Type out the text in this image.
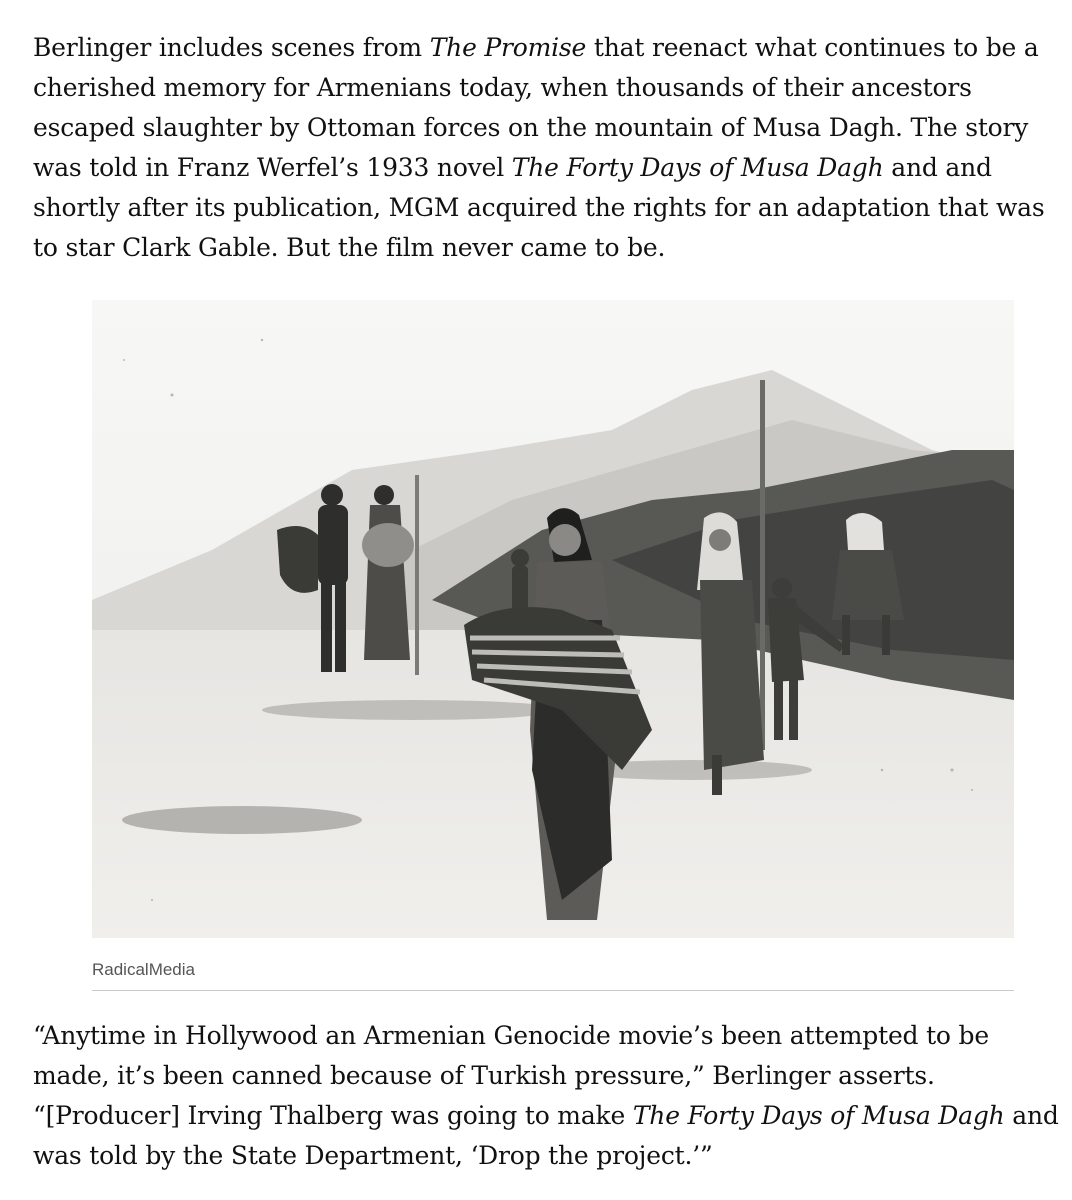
Berlinger includes scenes from The Promise that reenact what continues to be a cherished memory for Armenians today, when thousands of their ancestors escaped slaughter by Ottoman forces on the mountain of Musa Dagh. The story was told in Franz Werfel’s 1933 novel The Forty Days of Musa Dagh and and shortly after its publication, MGM acquired the rights for an adaptation that was to star Clark Gable. But the film never came to be.

RadicalMedia

“Anytime in Hollywood an Armenian Genocide movie’s been attempted to be made, it’s been canned because of Turkish pressure,” Berlinger asserts. “[Producer] Irving Thalberg was going to make The Forty Days of Musa Dagh and was told by the State Department, ‘Drop the project.’”
